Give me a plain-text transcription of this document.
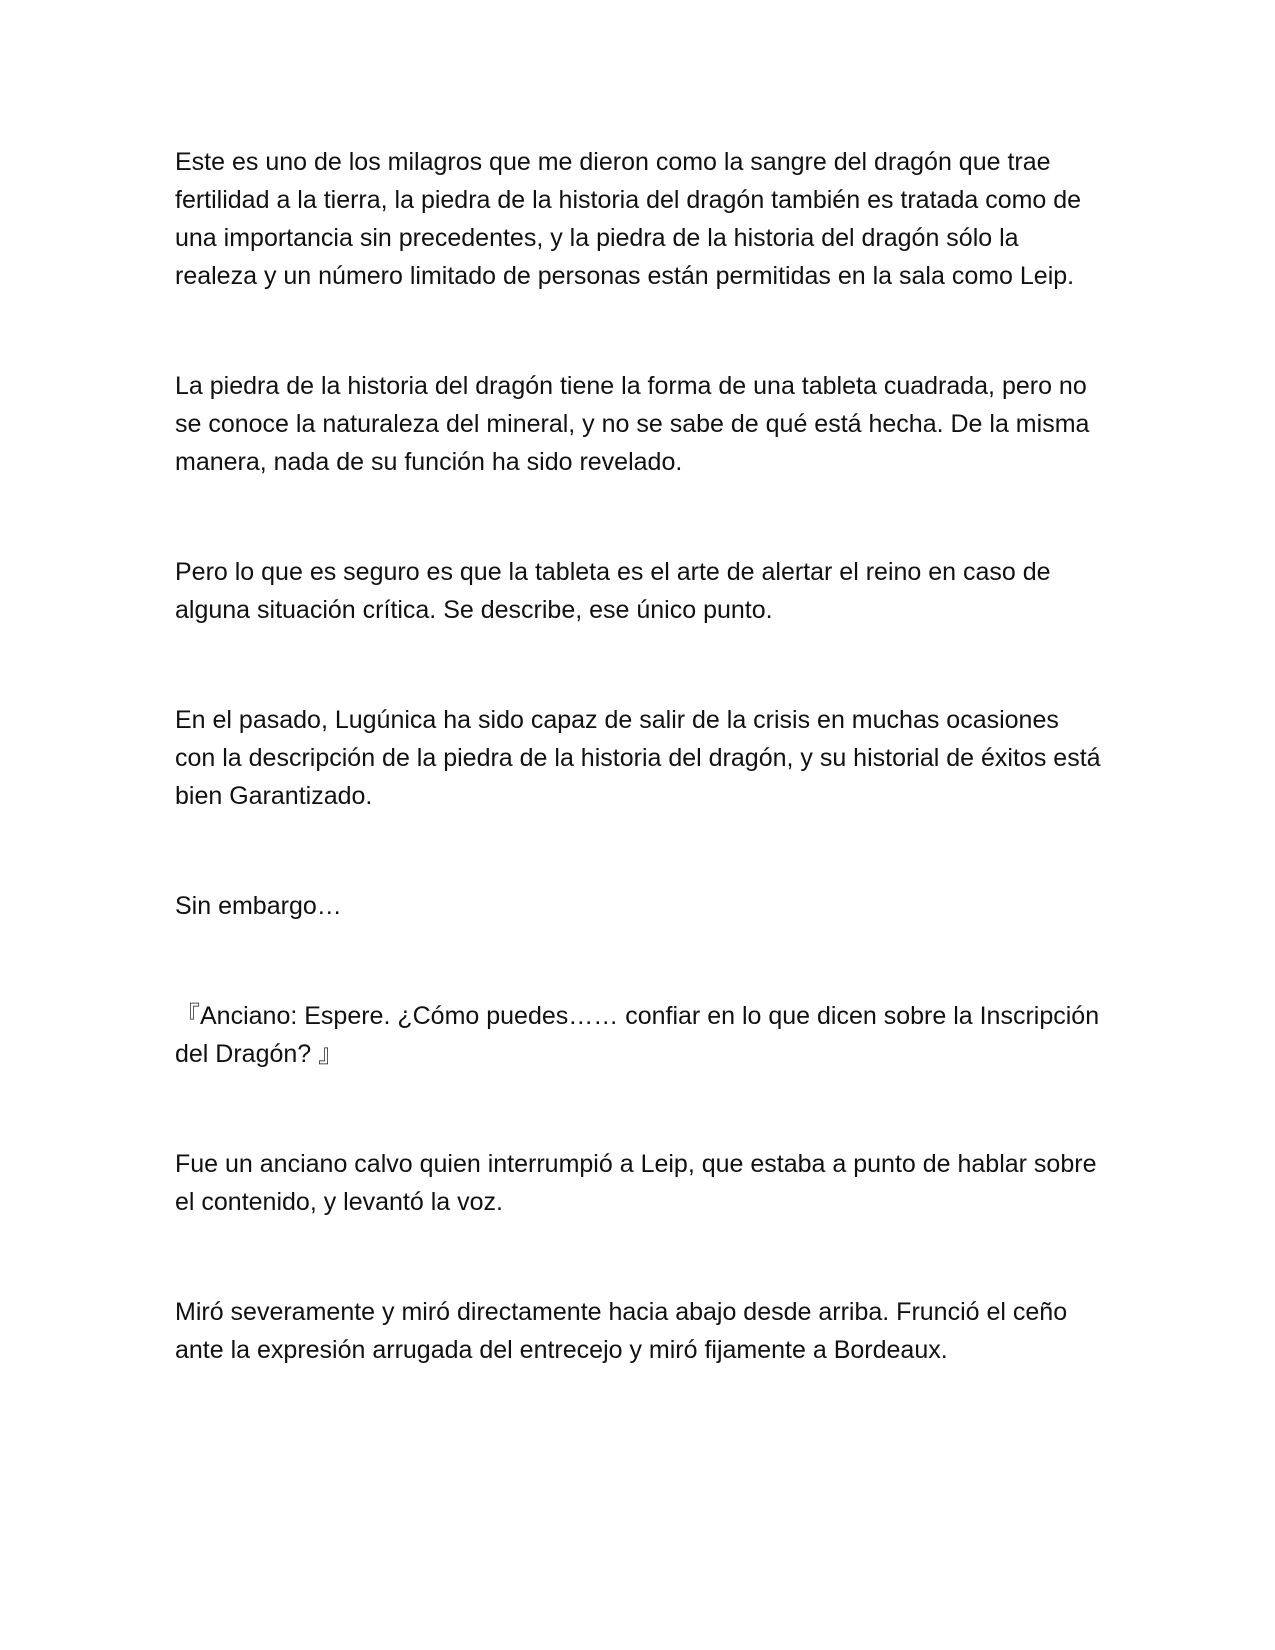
Este es uno de los milagros que me dieron como la sangre del dragón que trae fertilidad a la tierra, la piedra de la historia del dragón también es tratada como de una importancia sin precedentes, y la piedra de la historia del dragón sólo la realeza y un número limitado de personas están permitidas en la sala como Leip.

La piedra de la historia del dragón tiene la forma de una tableta cuadrada, pero no se conoce la naturaleza del mineral, y no se sabe de qué está hecha. De la misma manera, nada de su función ha sido revelado.

Pero lo que es seguro es que la tableta es el arte de alertar el reino en caso de alguna situación crítica. Se describe, ese único punto.

En el pasado, Lugúnica ha sido capaz de salir de la crisis en muchas ocasiones con la descripción de la piedra de la historia del dragón, y su historial de éxitos está bien Garantizado.

Sin embargo…

『Anciano: Espere. ¿Cómo puedes…… confiar en lo que dicen sobre la Inscripción del Dragón? 』

Fue un anciano calvo quien interrumpió a Leip, que estaba a punto de hablar sobre el contenido, y levantó la voz.

Miró severamente y miró directamente hacia abajo desde arriba. Frunció el ceño ante la expresión arrugada del entrecejo y miró fijamente a Bordeaux.
